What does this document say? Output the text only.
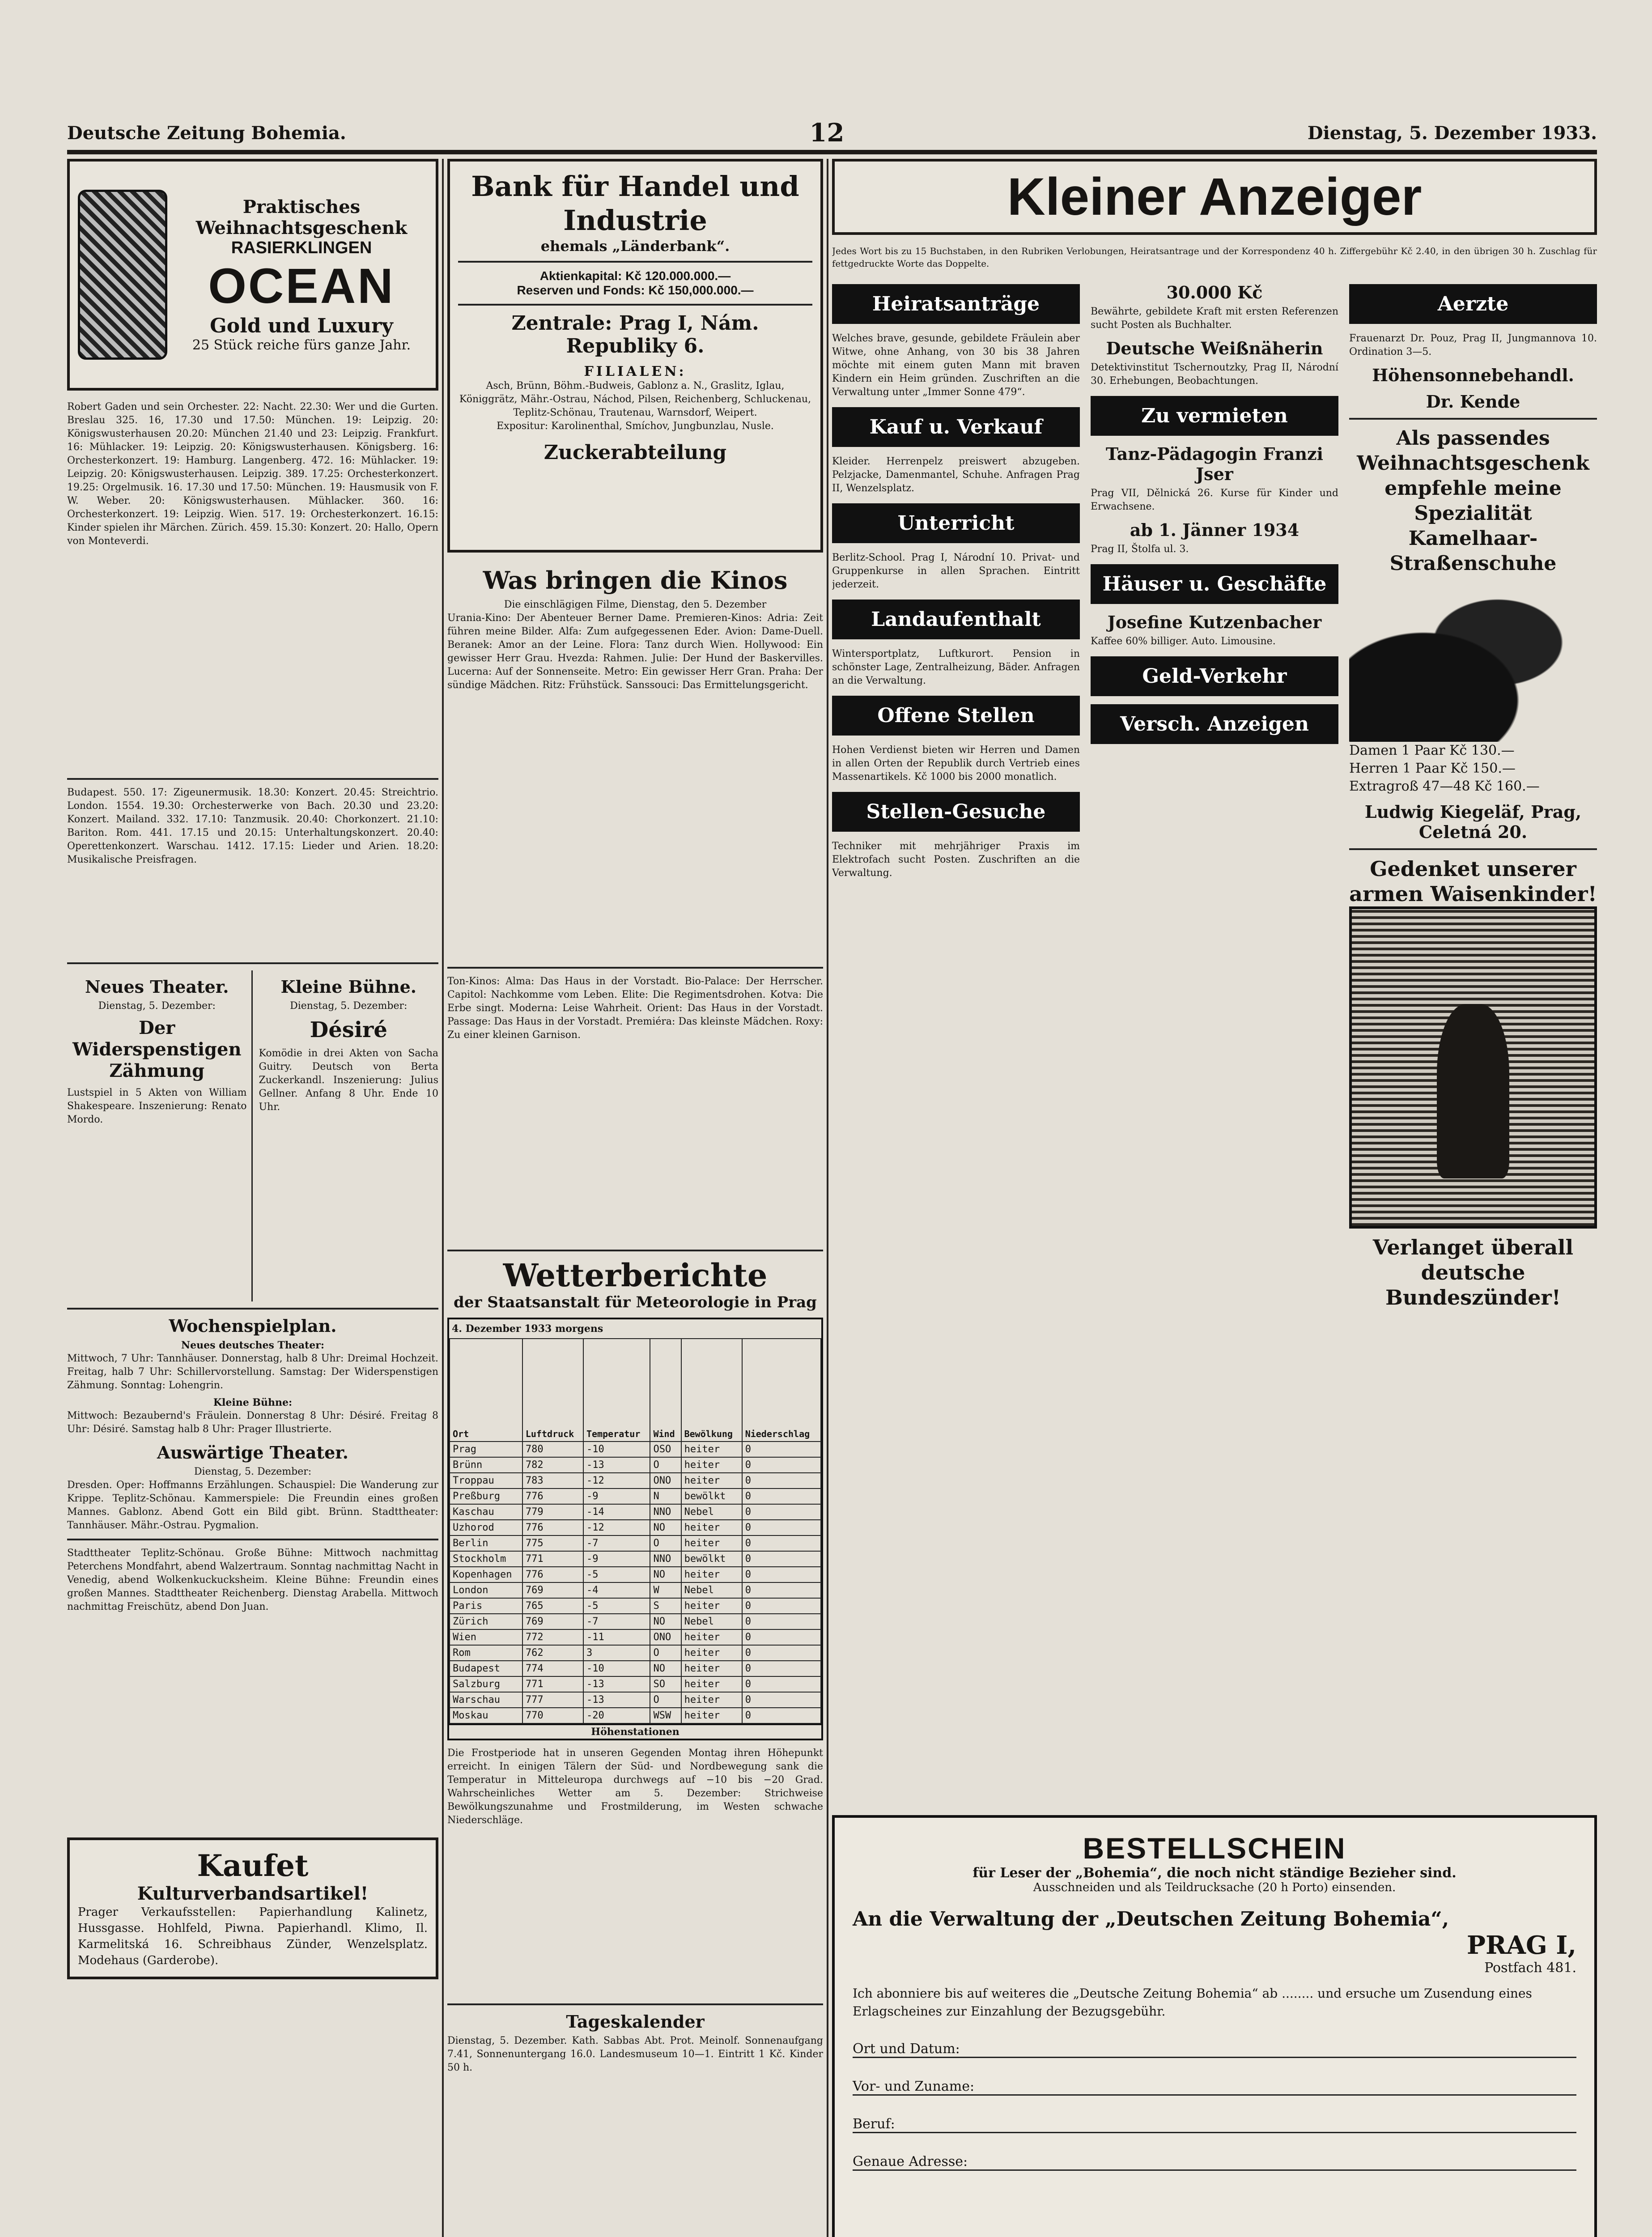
Deutsche Zeitung Bohemia.	12	Dienstag, 5. Dezember 1933.
Praktisches
Weihnachtsgeschenk
RASIERKLINGEN
OCEAN
Gold und Luxury
25 Stück reiche fürs ganze Jahr.

Robert Gaden und sein Orchester. 22: Nacht. 22.30: Wer und die Gurten. Breslau 325. 16, 17.30 und 17.50: München. 19: Leipzig. 20: Königswusterhausen 20.20: München 21.40 und 23: Leipzig. Frankfurt. 16: Mühlacker. 19: Leipzig. 20: Königswusterhausen. Königsberg. 16: Orchesterkonzert. 19: Hamburg. Langenberg. 472. 16: Mühlacker. 19: Leipzig. 20: Königswusterhausen. Leipzig. 389. 17.25: Orchesterkonzert. 19.25: Orgelmusik. 16. 17.30 und 17.50: München. 19: Hausmusik von F. W. Weber. 20: Königswusterhausen. Mühlacker. 360. 16: Orchesterkonzert. 19: Leipzig. Wien. 517. 19: Orchesterkonzert. 16.15: Kinder spielen ihr Märchen. Zürich. 459. 15.30: Konzert. 20: Hallo, Opern von Monteverdi.

Budapest. 550. 17: Zigeunermusik. 18.30: Konzert. 20.45: Streichtrio. London. 1554. 19.30: Orchesterwerke von Bach. 20.30 und 23.20: Konzert. Mailand. 332. 17.10: Tanzmusik. 20.40: Chorkonzert. 21.10: Bariton. Rom. 441. 17.15 und 20.15: Unterhaltungskonzert. 20.40: Operettenkonzert. Warschau. 1412. 17.15: Lieder und Arien. 18.20: Musikalische Preisfragen.

Neues Theater.
Dienstag, 5. Dezember:
Der Widerspenstigen Zähmung

Lustspiel in 5 Akten von William Shakespeare. Inszenierung: Renato Mordo.

Kleine Bühne.
Dienstag, 5. Dezember:
Désiré

Komödie in drei Akten von Sacha Guitry. Deutsch von Berta Zuckerkandl. Inszenierung: Julius Gellner. Anfang 8 Uhr. Ende 10 Uhr.

Wochenspielplan.
Neues deutsches Theater:

Mittwoch, 7 Uhr: Tannhäuser. Donnerstag, halb 8 Uhr: Dreimal Hochzeit. Freitag, halb 7 Uhr: Schillervorstellung. Samstag: Der Widerspenstigen Zähmung. Sonntag: Lohengrin.

Kleine Bühne:

Mittwoch: Bezaubernd's Fräulein. Donnerstag 8 Uhr: Désiré. Freitag 8 Uhr: Désiré. Samstag halb 8 Uhr: Prager Illustrierte.

Auswärtige Theater.
Dienstag, 5. Dezember:

Dresden. Oper: Hoffmanns Erzählungen. Schauspiel: Die Wanderung zur Krippe. Teplitz-Schönau. Kammerspiele: Die Freundin eines großen Mannes. Gablonz. Abend Gott ein Bild gibt. Brünn. Stadttheater: Tannhäuser. Mähr.-Ostrau. Pygmalion.

Stadttheater Teplitz-Schönau. Große Bühne: Mittwoch nachmittag Peterchens Mondfahrt, abend Walzertraum. Sonntag nachmittag Nacht in Venedig, abend Wolkenkuckucksheim. Kleine Bühne: Freundin eines großen Mannes. Stadttheater Reichenberg. Dienstag Arabella. Mittwoch nachmittag Freischütz, abend Don Juan.

Kaufet
Kulturverbandsartikel!

Prager Verkaufsstellen: Papierhandlung Kalinetz, Hussgasse. Hohlfeld, Piwna. Papierhandl. Klimo, Il. Karmelitská 16. Schreibhaus Zünder, Wenzelsplatz. Modehaus (Garderobe).

Bank für Handel und Industrie
ehemals „Länderbank“.
Aktienkapital: Kč 120.000.000.—
Reserven und Fonds: Kč 150,000.000.—
Zentrale: Prag I, Nám. Republiky 6.
FILIALEN:

Asch, Brünn, Böhm.-Budweis, Gablonz a. N., Graslitz, Iglau, Königgrätz, Mähr.-Ostrau, Náchod, Pilsen, Reichenberg, Schluckenau, Teplitz-Schönau, Trautenau, Warnsdorf, Weipert.

Expositur: Karolinenthal, Smíchov, Jungbunzlau, Nusle.

Zuckerabteilung
Was bringen die Kinos
Die einschlägigen Filme, Dienstag, den 5. Dezember

Urania-Kino: Der Abenteuer Berner Dame. Premieren-Kinos: Adria: Zeit führen meine Bilder. Alfa: Zum aufgegessenen Eder. Avion: Dame-Duell. Beranek: Amor an der Leine. Flora: Tanz durch Wien. Hollywood: Ein gewisser Herr Grau. Hvezda: Rahmen. Julie: Der Hund der Baskervilles. Lucerna: Auf der Sonnenseite. Metro: Ein gewisser Herr Gran. Praha: Der sündige Mädchen. Ritz: Frühstück. Sanssouci: Das Ermittelungsgericht.

Ton-Kinos: Alma: Das Haus in der Vorstadt. Bio-Palace: Der Herrscher. Capitol: Nachkomme vom Leben. Elite: Die Regimentsdrohen. Kotva: Die Erbe singt. Moderna: Leise Wahrheit. Orient: Das Haus in der Vorstadt. Passage: Das Haus in der Vorstadt. Premiéra: Das kleinste Mädchen. Roxy: Zu einer kleinen Garnison.

Wetterberichte
der Staatsanstalt für Meteorologie in Prag
4. Dezember 1933 morgens
Ort	Luftdruck	Temperatur	Wind	Bewölkung	Niederschlag
Prag	780	-10	OSO	heiter	0
Brünn	782	-13	O	heiter	0
Troppau	783	-12	ONO	heiter	0
Preßburg	776	-9	N	bewölkt	0
Kaschau	779	-14	NNO	Nebel	0
Uzhorod	776	-12	NO	heiter	0
Berlin	775	-7	O	heiter	0
Stockholm	771	-9	NNO	bewölkt	0
Kopenhagen	776	-5	NO	heiter	0
London	769	-4	W	Nebel	0
Paris	765	-5	S	heiter	0
Zürich	769	-7	NO	Nebel	0
Wien	772	-11	ONO	heiter	0
Rom	762	3	O	heiter	0
Budapest	774	-10	NO	heiter	0
Salzburg	771	-13	SO	heiter	0
Warschau	777	-13	O	heiter	0
Moskau	770	-20	WSW	heiter	0
Höhenstationen

Die Frostperiode hat in unseren Gegenden Montag ihren Höhepunkt erreicht. In einigen Tälern der Süd- und Nordbewegung sank die Temperatur in Mitteleuropa durchwegs auf −10 bis −20 Grad. Wahrscheinliches Wetter am 5. Dezember: Strichweise Bewölkungszunahme und Frostmilderung, im Westen schwache Niederschläge.

Tageskalender

Dienstag, 5. Dezember. Kath. Sabbas Abt. Prot. Meinolf. Sonnenaufgang 7.41, Sonnenuntergang 16.0. Landesmuseum 10—1. Eintritt 1 Kč. Kinder 50 h.

Kleiner Anzeiger

Jedes Wort bis zu 15 Buchstaben, in den Rubriken Verlobungen, Heiratsantrage und der Korrespondenz 40 h. Ziffergebühr Kč 2.40, in den übrigen 30 h. Zuschlag für fettgedruckte Worte das Doppelte.

Heiratsanträge

Welches brave, gesunde, gebildete Fräulein aber Witwe, ohne Anhang, von 30 bis 38 Jahren möchte mit einem guten Mann mit braven Kindern ein Heim gründen. Zuschriften an die Verwaltung unter „Immer Sonne 479“.

Kauf u. Verkauf

Kleider. Herrenpelz preiswert abzugeben. Pelzjacke, Damenmantel, Schuhe. Anfragen Prag II, Wenzelsplatz.

Unterricht

Berlitz-School. Prag I, Národní 10. Privat- und Gruppenkurse in allen Sprachen. Eintritt jederzeit.

Landaufenthalt

Wintersportplatz, Luftkurort. Pension in schönster Lage, Zentralheizung, Bäder. Anfragen an die Verwaltung.

Offene Stellen

Hohen Verdienst bieten wir Herren und Damen in allen Orten der Republik durch Vertrieb eines Massenartikels. Kč 1000 bis 2000 monatlich.

Stellen-Gesuche

Techniker mit mehrjähriger Praxis im Elektrofach sucht Posten. Zuschriften an die Verwaltung.

30.000 Kč

Bewährte, gebildete Kraft mit ersten Referenzen sucht Posten als Buchhalter.

Deutsche Weißnäherin

Detektivinstitut Tschernoutzky, Prag II, Národní 30. Erhebungen, Beobachtungen.

Zu vermieten
Tanz-Pädagogin Franzi Jser

Prag VII, Dělnická 26. Kurse für Kinder und Erwachsene.

ab 1. Jänner 1934

Prag II, Štolfa ul. 3.

Häuser u. Geschäfte
Josefine Kutzenbacher

Kaffee 60% billiger. Auto. Limousine.

Geld-Verkehr
Versch. Anzeigen
Aerzte

Frauenarzt Dr. Pouz, Prag II, Jungmannova 10. Ordination 3—5.

Höhensonnebehandl.
Dr. Kende
Als passendes Weihnachtsgeschenk empfehle meine Spezialität Kamelhaar-Straßenschuhe
Damen 1 Paar Kč 130.—
Herren 1 Paar Kč 150.—
Extragroß 47—48 Kč 160.—
Ludwig Kiegeläf, Prag, Celetná 20.
Gedenket unserer armen Waisenkinder!
Verlanget überall deutsche Bundeszünder!
BESTELLSCHEIN
für Leser der „Bohemia“, die noch nicht ständige Bezieher sind.
Ausschneiden und als Teildrucksache (20 h Porto) einsenden.
An die Verwaltung der „Deutschen Zeitung Bohemia“,
PRAG I,
Postfach 481.

Ich abonniere bis auf weiteres die „Deutsche Zeitung Bohemia“ ab ........ und ersuche um Zusendung eines Erlagscheines zur Einzahlung der Bezugsgebühr.

Ort und Datum:
Vor- und Zuname:
Beruf:
Genaue Adresse:
